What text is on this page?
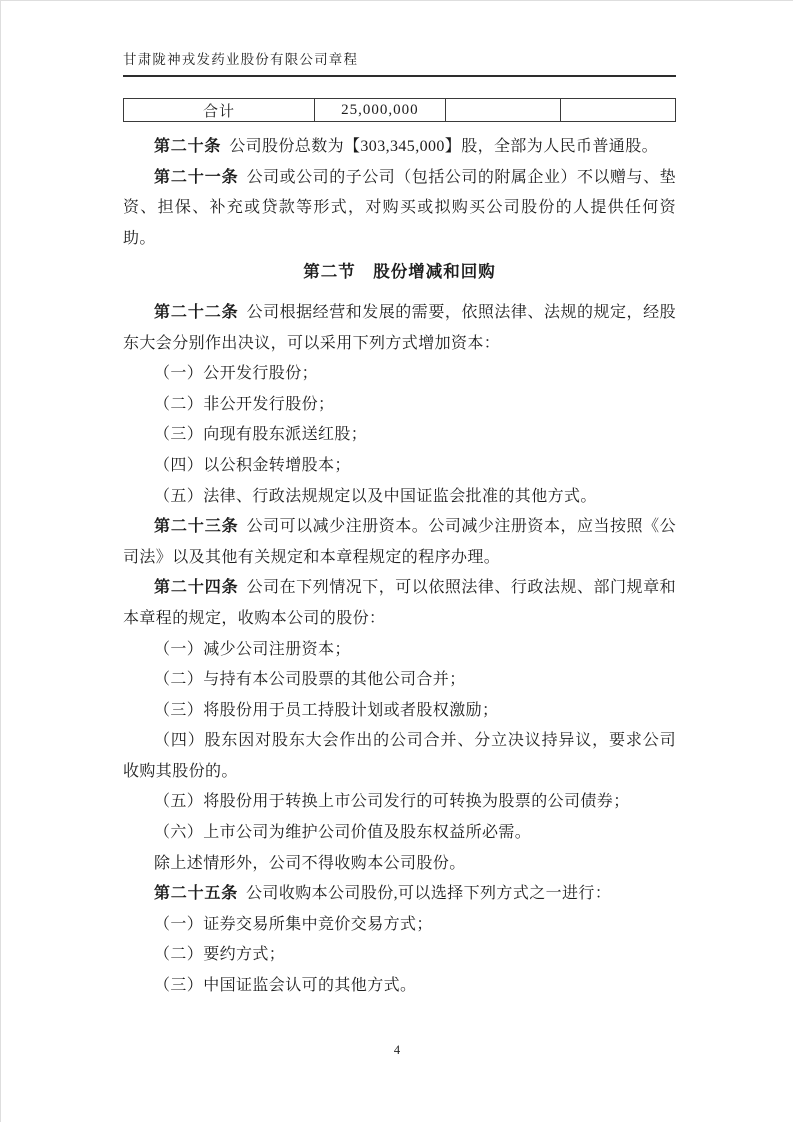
甘肃陇神戎发药业股份有限公司章程
合计	25,000,000		

第二十条 公司股份总数为【303,345,000】股，全部为人民币普通股。

第二十一条 公司或公司的子公司（包括公司的附属企业）不以赠与、垫资、担保、补充或贷款等形式，对购买或拟购买公司股份的人提供任何资助。

第二节　股份增减和回购

第二十二条 公司根据经营和发展的需要，依照法律、法规的规定，经股东大会分别作出决议，可以采用下列方式增加资本：

（一）公开发行股份；

（二）非公开发行股份；

（三）向现有股东派送红股；

（四）以公积金转增股本；

（五）法律、行政法规规定以及中国证监会批准的其他方式。

第二十三条 公司可以减少注册资本。公司减少注册资本，应当按照《公司法》以及其他有关规定和本章程规定的程序办理。

第二十四条 公司在下列情况下，可以依照法律、行政法规、部门规章和本章程的规定，收购本公司的股份：

（一）减少公司注册资本；

（二）与持有本公司股票的其他公司合并；

（三）将股份用于员工持股计划或者股权激励；

（四）股东因对股东大会作出的公司合并、分立决议持异议，要求公司收购其股份的。

（五）将股份用于转换上市公司发行的可转换为股票的公司债券；

（六）上市公司为维护公司价值及股东权益所必需。

除上述情形外，公司不得收购本公司股份。

第二十五条 公司收购本公司股份,可以选择下列方式之一进行：

（一）证券交易所集中竞价交易方式；

（二）要约方式；

（三）中国证监会认可的其他方式。

4
